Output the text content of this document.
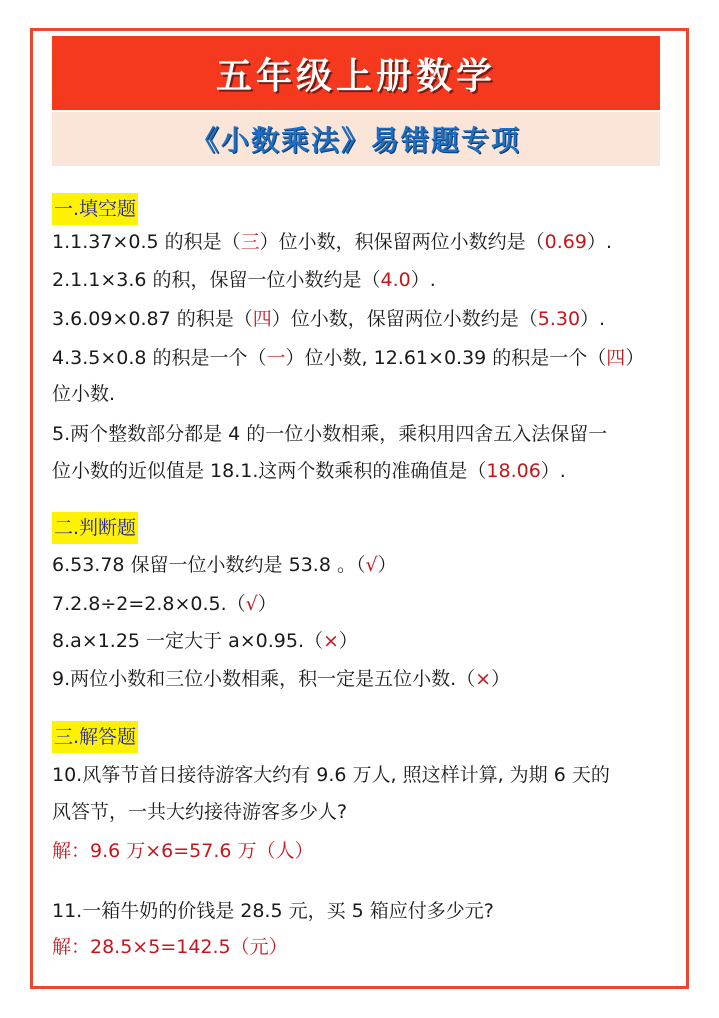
五年级上册数学
《小数乘法》易错题专项
一.填空题
1.1.37×0.5 的积是（三）位小数，积保留两位小数约是（0.69）.
2.1.1×3.6 的积，保留一位小数约是（4.0）.
3.6.09×0.87 的积是（四）位小数，保留两位小数约是（5.30）.
4.3.5×0.8 的积是一个（一）位小数, 12.61×0.39 的积是一个（四）
位小数.
5.两个整数部分都是 4 的一位小数相乘，乘积用四舍五入法保留一
位小数的近似值是 18.1.这两个数乘积的准确值是（18.06）.
二.判断题
6.53.78 保留一位小数约是 53.8 。（√）
7.2.8÷2=2.8×0.5.（√）
8.a×1.25 一定大于 a×0.95.（×）
9.两位小数和三位小数相乘，积一定是五位小数.（×）
三.解答题
10.风筝节首日接待游客大约有 9.6 万人, 照这样计算, 为期 6 天的
风答节，一共大约接待游客多少人?
解：9.6 万×6=57.6 万（人）
11.一箱牛奶的价钱是 28.5 元，买 5 箱应付多少元?
解：28.5×5=142.5（元）
